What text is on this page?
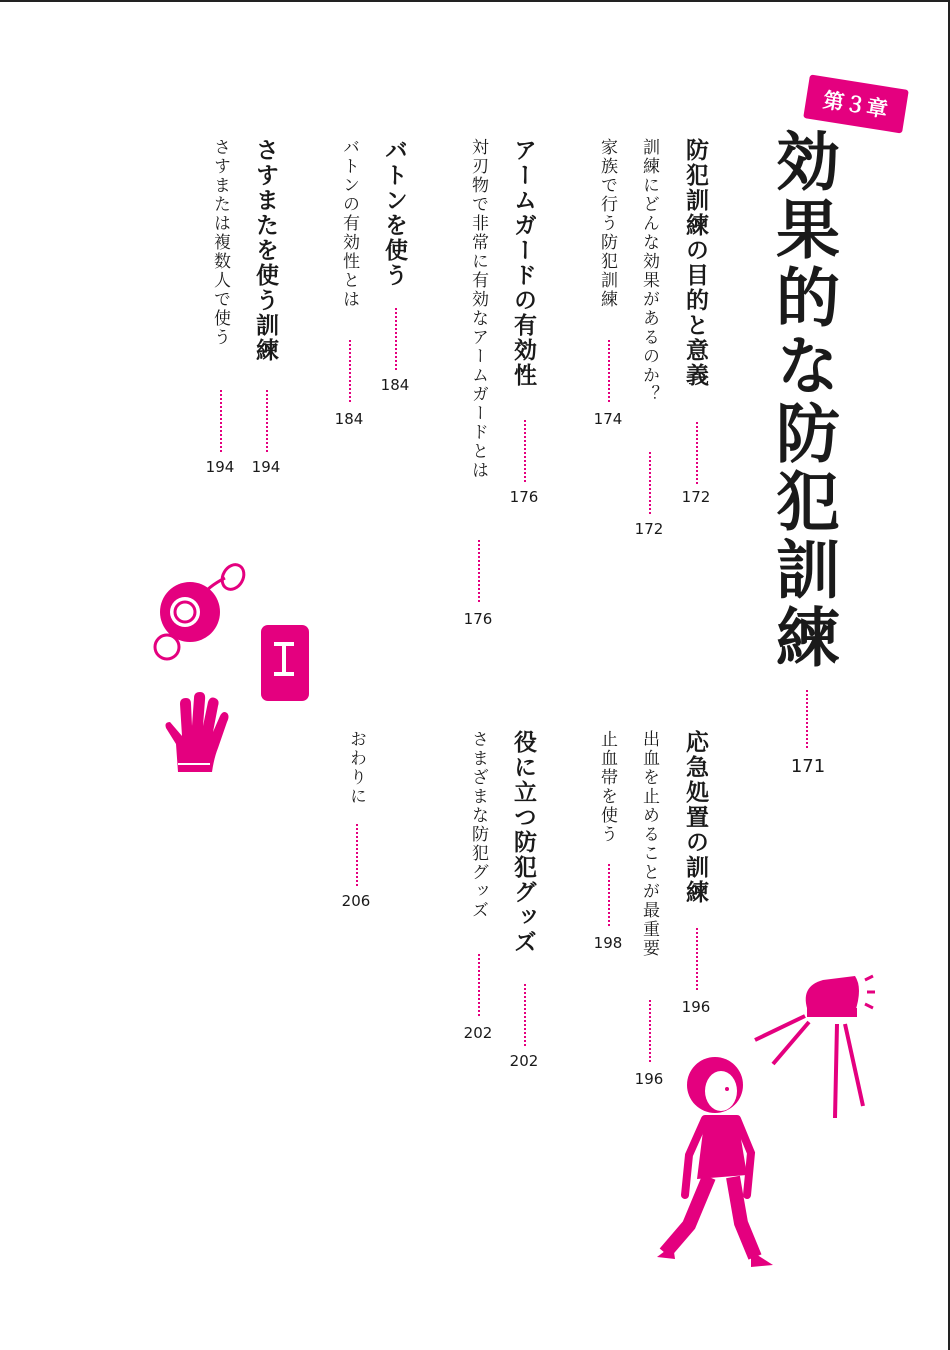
第３章
効果的な防犯訓練
171
防犯訓練の目的と意義
172
訓練にどんな効果があるのか？
172
家族で行う防犯訓練
174
アームガードの有効性
176
対刃物で非常に有効なアームガードとは
176
バトンを使う
184
バトンの有効性とは
184
さすまたを使う訓練
194
さすまたは複数人で使う
194
応急処置の訓練
196
出血を止めることが最重要
196
止血帯を使う
198
役に立つ防犯グッズ
202
さまざまな防犯グッズ
202
おわりに
206
